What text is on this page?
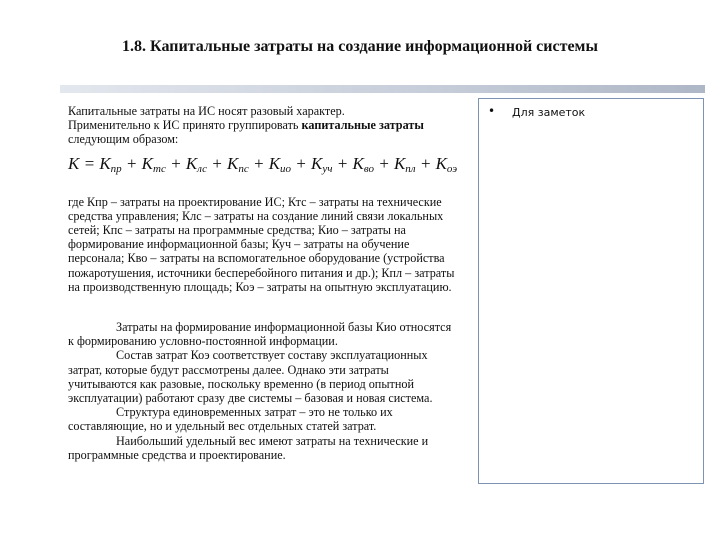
1.8. Капитальные затраты на создание информационной системы

Капитальные затраты на ИС носят разовый характер.
Применительно к ИС принято группировать капитальные затраты следующим образом:

$K = K_{пр} + K_{тс} + K_{лс} + K_{пс} + K_{ио} + K_{уч} + K_{во} + K_{пл} + K_{оэ}$

где Кпр – затраты на проектирование ИС; Ктс – затраты на технические средства управления; Клс – затраты на создание линий связи локальных сетей; Кпс – затраты на программные средства; Кио – затраты на формирование информационной базы; Куч – затраты на обучение персонала; Кво – затраты на вспомогательное оборудование (устройства пожаротушения, источники бесперебойного питания и др.); Кпл – затраты на производственную площадь; Коэ – затраты на опытную эксплуатацию.

Затраты на формирование информационной базы Кио относятся к формированию условно-постоянной информации.

Состав затрат Коэ соответствует составу эксплуатационных затрат, которые будут рассмотрены далее. Однако эти затраты учитываются как разовые, поскольку временно (в период опытной эксплуатации) работают сразу две системы – базовая и новая система.

Структура единовременных затрат – это не только их составляющие, но и удельный вес отдельных статей затрат.

Наибольший удельный вес имеют затраты на технические и программные средства и проектирование.

• Для заметок
